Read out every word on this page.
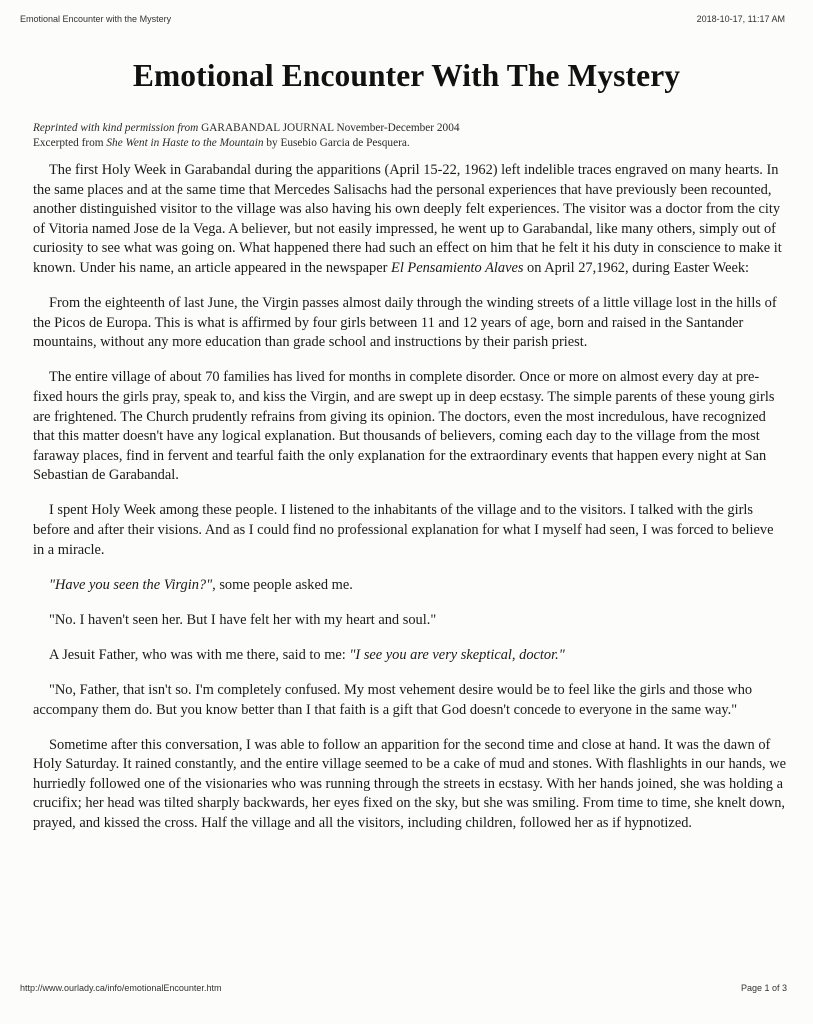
Emotional Encounter with the Mystery	2018-10-17, 11:17 AM
Emotional Encounter With The Mystery
Reprinted with kind permission from GARABANDAL JOURNAL November-December 2004
Excerpted from She Went in Haste to the Mountain by Eusebio Garcia de Pesquera.

The first Holy Week in Garabandal during the apparitions (April 15-22, 1962) left indelible traces engraved on many hearts. In the same places and at the same time that Mercedes Salisachs had the personal experiences that have previously been recounted, another distinguished visitor to the village was also having his own deeply felt experiences. The visitor was a doctor from the city of Vitoria named Jose de la Vega. A believer, but not easily impressed, he went up to Garabandal, like many others, simply out of curiosity to see what was going on. What happened there had such an effect on him that he felt it his duty in conscience to make it known. Under his name, an article appeared in the newspaper El Pensamiento Alaves on April 27,1962, during Easter Week:

From the eighteenth of last June, the Virgin passes almost daily through the winding streets of a little village lost in the hills of the Picos de Europa. This is what is affirmed by four girls between 11 and 12 years of age, born and raised in the Santander mountains, without any more education than grade school and instructions by their parish priest.

The entire village of about 70 families has lived for months in complete disorder. Once or more on almost every day at pre-fixed hours the girls pray, speak to, and kiss the Virgin, and are swept up in deep ecstasy. The simple parents of these young girls are frightened. The Church prudently refrains from giving its opinion. The doctors, even the most incredulous, have recognized that this matter doesn't have any logical explanation. But thousands of believers, coming each day to the village from the most faraway places, find in fervent and tearful faith the only explanation for the extraordinary events that happen every night at San Sebastian de Garabandal.

I spent Holy Week among these people. I listened to the inhabitants of the village and to the visitors. I talked with the girls before and after their visions. And as I could find no professional explanation for what I myself had seen, I was forced to believe in a miracle.

"Have you seen the Virgin?", some people asked me.

"No. I haven't seen her. But I have felt her with my heart and soul."

A Jesuit Father, who was with me there, said to me: "I see you are very skeptical, doctor."

"No, Father, that isn't so. I'm completely confused. My most vehement desire would be to feel like the girls and those who accompany them do. But you know better than I that faith is a gift that God doesn't concede to everyone in the same way."

Sometime after this conversation, I was able to follow an apparition for the second time and close at hand. It was the dawn of Holy Saturday. It rained constantly, and the entire village seemed to be a cake of mud and stones. With flashlights in our hands, we hurriedly followed one of the visionaries who was running through the streets in ecstasy. With her hands joined, she was holding a crucifix; her head was tilted sharply backwards, her eyes fixed on the sky, but she was smiling. From time to time, she knelt down, prayed, and kissed the cross. Half the village and all the visitors, including children, followed her as if hypnotized.

http://www.ourlady.ca/info/emotionalEncounter.htm	Page 1 of 3
